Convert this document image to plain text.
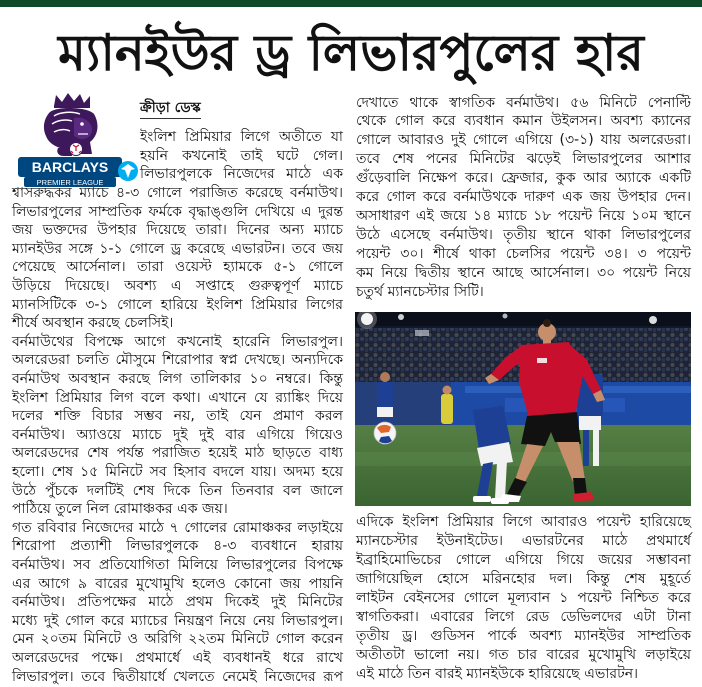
ম্যানইউর ড্র লিভারপুলের হার
BARCLAYS
PREMIER LEAGUE
ক্রীড়া ডেস্ক
ইংলিশ প্রিমিয়ার লিগে অতীতে যা
হয়নি কখনোই তাই ঘটে গেল।
লিভারপুলকে নিজেদের মাঠে এক
শ্বাসরুদ্ধকর ম্যাচে ৪-৩ গোলে পরাজিত করেছে বর্নমাউথ।
লিভারপুলের সাম্প্রতিক ফর্মকে বৃদ্ধাঙ্গুলি দেখিয়ে এ দুরন্ত
জয় ভক্তদের উপহার দিয়েছে তারা। দিনের অন্য ম্যাচে
ম্যানইউর সঙ্গে ১-১ গোলে ড্র করেছে এভারটন। তবে জয়
পেয়েছে আর্সেনাল। তারা ওয়েস্ট হ্যামকে ৫-১ গোলে
উড়িয়ে দিয়েছে। অবশ্য এ সপ্তাহে গুরুত্বপূর্ণ ম্যাচে
ম্যানসিটিকে ৩-১ গোলে হারিয়ে ইংলিশ প্রিমিয়ার লিগের
শীর্ষে অবস্থান করছে চেলসিই।
বর্নমাউথের বিপক্ষে আগে কখনোই হারেনি লিভারপুল।
অলরেডরা চলতি মৌসুমে শিরোপার স্বপ্ন দেখছে। অন্যদিকে
বর্নমাউথ অবস্থান করছে লিগ তালিকার ১০ নম্বরে। কিন্তু
ইংলিশ প্রিমিয়ার লিগ বলে কথা। এখানে যে র‌্যাঙ্কিং দিয়ে
দলের শক্তি বিচার সম্ভব নয়, তাই যেন প্রমাণ করল
বর্নমাউথ। অ্যাওয়ে ম্যাচে দুই দুই বার এগিয়ে গিয়েও
অলরেডদের শেষ পর্যন্ত পরাজিত হয়েই মাঠ ছাড়তে বাধ্য
হলো। শেষ ১৫ মিনিটে সব হিসাব বদলে যায়। অদম্য হয়ে
উঠে পুঁচকে দলটিই শেষ দিকে তিন তিনবার বল জালে
পাঠিয়ে তুলে নিল রোমাঞ্চকর এক জয়।
গত রবিবার নিজেদের মাঠে ৭ গোলের রোমাঞ্চকর লড়াইয়ে
শিরোপা প্রত্যাশী লিভারপুলকে ৪-৩ ব্যবধানে হারায়
বর্নমাউথ। সব প্রতিযোগিতা মিলিয়ে লিভারপুলের বিপক্ষে
এর আগে ৯ বারের মুখোমুখি হলেও কোনো জয় পায়নি
বর্নমাউথ। প্রতিপক্ষের মাঠে প্রথম দিকেই দুই মিনিটের
মধ্যে দুই গোল করে ম্যাচের নিয়ন্ত্রণ নিয়ে নেয় লিভারপুল।
মেন ২০তম মিনিটে ও অরিগি ২২তম মিনিটে গোল করেন
অলরেডদের পক্ষে। প্রথমার্ধে এই ব্যবধানই ধরে রাখে
লিভারপুল। তবে দ্বিতীয়ার্ধে খেলতে নেমেই নিজেদের রূপ
দেখাতে থাকে স্বাগতিক বর্নমাউথ। ৫৬ মিনিটে পেনাল্টি
থেকে গোল করে ব্যবধান কমান উইলসন। অবশ্য ক্যানের
গোলে আবারও দুই গোলে এগিয়ে (৩-১) যায় অলরেডরা।
তবে শেষ পনের মিনিটের ঝড়েই লিভারপুলের আশার
গুঁড়েবালি নিক্ষেপ করে। ফ্রেজার, কুক আর অ্যাকে একটি
করে গোল করে বর্নমাউথকে দারুণ এক জয় উপহার দেন।
অসাধারণ এই জয়ে ১৪ ম্যাচে ১৮ পয়েন্ট নিয়ে ১০ম স্থানে
উঠে এসেছে বর্নমাউথ। তৃতীয় স্থানে থাকা লিভারপুলের
পয়েন্ট ৩০। শীর্ষে থাকা চেলসির পয়েন্ট ৩৪। ৩ পয়েন্ট
কম নিয়ে দ্বিতীয় স্থানে আছে আর্সেনাল। ৩০ পয়েন্ট নিয়ে
চতুর্থ ম্যানচেস্টার সিটি।
এদিকে ইংলিশ প্রিমিয়ার লিগে আবারও পয়েন্ট হারিয়েছে
ম্যানচেস্টার ইউনাইটেড। এভারটনের মাঠে প্রথমার্ধে
ইব্রাহিমোভিচের গোলে এগিয়ে গিয়ে জয়ের সম্ভাবনা
জাগিয়েছিল হোসে মরিনহোর দল। কিন্তু শেষ মুহূর্তে
লাইটন বেইনসের গোলে মূল্যবান ১ পয়েন্ট নিশ্চিত করে
স্বাগতিকরা। এবারের লিগে রেড ডেভিলদের এটা টানা
তৃতীয় ড্র। গুডিসন পার্কে অবশ্য ম্যানইউর সাম্প্রতিক
অতীতটা ভালো নয়। গত চার বারের মুখোমুখি লড়াইয়ে
এই মাঠে তিন বারই ম্যানইউকে হারিয়েছে এভারটন।
